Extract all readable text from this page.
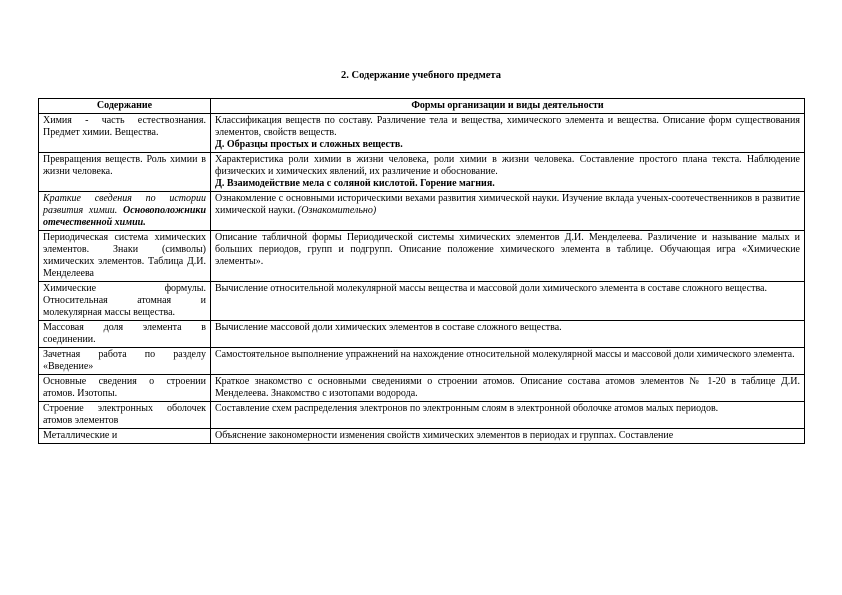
2. Содержание учебного предмета
Содержание	Формы организации и виды деятельности
Химия - часть естествознания. Предмет химии. Вещества.	Классификация веществ по составу. Различение тела и вещества, химического элемента и вещества. Описание форм существования элементов, свойств веществ.
Д. Образцы простых и сложных веществ.

Превращения веществ. Роль химии в жизни человека.	Характеристика роли химии в жизни человека, роли химии в жизни человека. Составление простого плана текста. Наблюдение физических и химических явлений, их различение и обоснование.
Д. Взаимодействие мела с соляной кислотой. Горение магния.

Краткие сведения по истории развития химии. Основоположники отечественной химии.	Ознакомление с основными историческими вехами развития химической науки. Изучение вклада ученых-соотечественников в развитие химической науки. (Ознакомительно)
Периодическая система химических элементов. Знаки (символы) химических элементов. Таблица Д.И. Менделеева	Описание табличной формы Периодической системы химических элементов Д.И. Менделеева. Различение и называние малых и больших периодов, групп и подгрупп. Описание положение химического элемента в таблице. Обучающая игра «Химические элементы».
Химические формулы. Относительная атомная и молекулярная массы вещества.	Вычисление относительной молекулярной массы вещества и массовой доли химического элемента в составе сложного вещества.
Массовая доля элемента в соединении.	Вычисление массовой доли химических элементов в составе сложного вещества.
Зачетная работа по разделу «Введение»	Самостоятельное выполнение упражнений на нахождение относительной молекулярной массы и массовой доли химического элемента.
Основные сведения о строении атомов. Изотопы.	Краткое знакомство с основными сведениями о строении атомов. Описание состава атомов элементов № 1-20 в таблице Д.И. Менделеева. Знакомство с изотопами водорода.
Строение электронных оболочек атомов элементов	Составление схем распределения электронов по электронным слоям в электронной оболочке атомов малых периодов.
Металлические и	Объяснение закономерности изменения свойств химических элементов в периодах и группах. Составление
